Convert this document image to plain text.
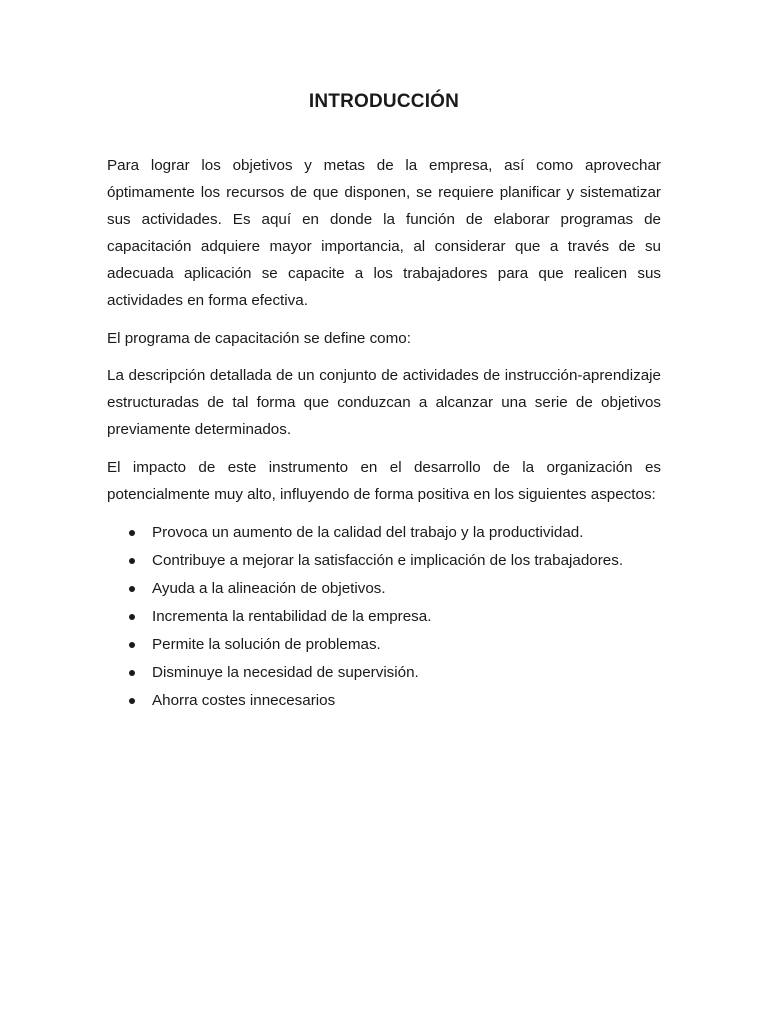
INTRODUCCIÓN

Para lograr los objetivos y metas de la empresa, así como aprovechar óptimamente los recursos de que disponen, se requiere planificar y sistematizar sus actividades. Es aquí en donde la función de elaborar programas de capacitación adquiere mayor importancia, al considerar que a través de su adecuada aplicación se capacite a los trabajadores para que realicen sus actividades en forma efectiva.

El programa de capacitación se define como:

La descripción detallada de un conjunto de actividades de instrucción-aprendizaje estructuradas de tal forma que conduzcan a alcanzar una serie de objetivos previamente determinados.

El impacto de este instrumento en el desarrollo de la organización es potencialmente muy alto, influyendo de forma positiva en los siguientes aspectos:

Provoca un aumento de la calidad del trabajo y la productividad.
Contribuye a mejorar la satisfacción e implicación de los trabajadores.
Ayuda a la alineación de objetivos.
Incrementa la rentabilidad de la empresa.
Permite la solución de problemas.
Disminuye la necesidad de supervisión.
Ahorra costes innecesarios
